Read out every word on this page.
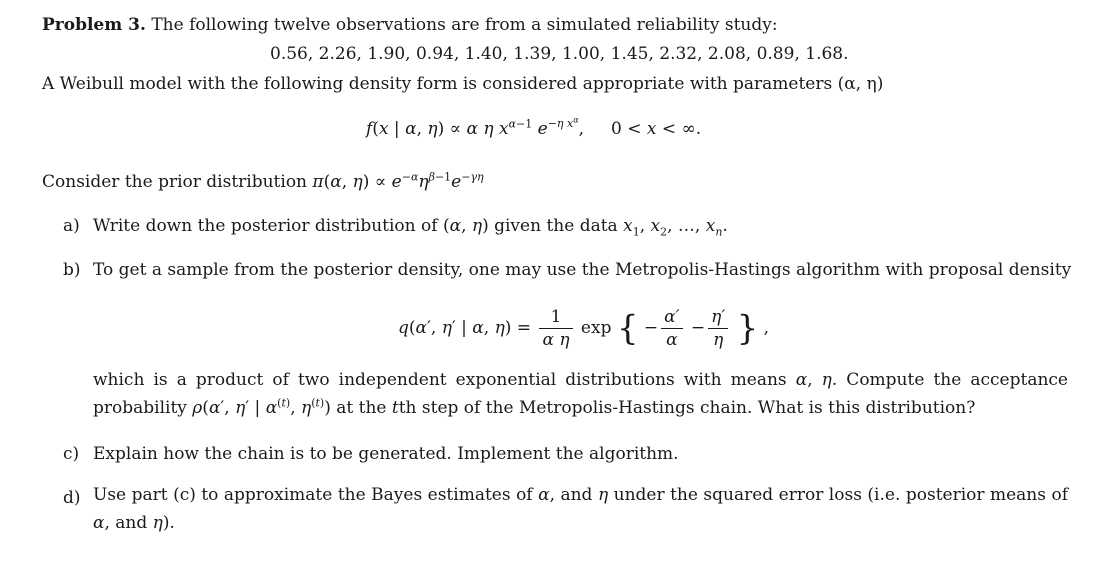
Problem 3. The following twelve observations are from a simulated reliability study:
0.56, 2.26, 1.90, 0.94, 1.40, 1.39, 1.00, 1.45, 2.32, 2.08, 0.89, 1.68.
A Weibull model with the following density form is considered appropriate with parameters (α, η)
f(x | α, η) ∝ α η $x^{\alpha-1}$ $e^{-\eta x^\alpha}$,     0 < x < ∞.
Consider the prior distribution π(α, $\eta) \propto e^{-\alpha}\eta^{\beta-1}e^{-\gamma\eta}$
a) Write down the posterior distribution of (α, η) given the data $x_1$, $x_2$, …, $x_n$.
b) To get a sample from the posterior density, one may use the Metropolis-Hastings algorithm with proposal density
q(α′, η′ | α, $\eta) = \frac{1}{\text{α η}}$ exp { − $\frac{\alpha'}{\alpha} - \frac{\eta'}{\eta}$ } ,
which is a product of two independent exponential distributions with means α, η. Compute the acceptance probability ρ(α′, η′ | $\alpha^{(t)}$, $\eta^{(t)}$) at the tth step of the Metropolis-Hastings chain. What is this distribution?
c) Explain how the chain is to be generated. Implement the algorithm.
d) Use part (c) to approximate the Bayes estimates of α, and η under the squared error loss (i.e. posterior means of α, and η).
